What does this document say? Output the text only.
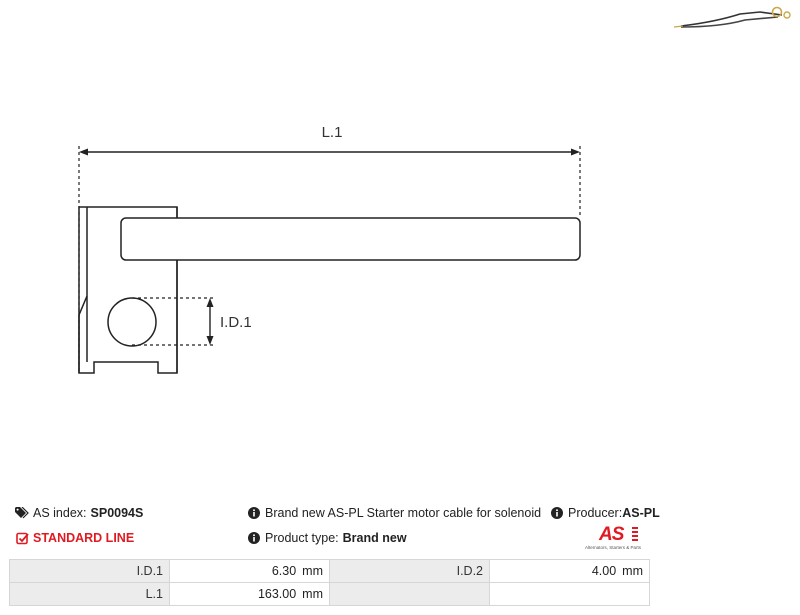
L.1
I.D.1
AS index: SP0094S
STANDARD LINE
Brand new AS-PL Starter motor cable for solenoid
Product type: Brand new
Producer: AS-PL
AS
Alternators, Starters & Parts
I.D.1	6.30 mm	I.D.2	4.00 mm
L.1	163.00 mm		
